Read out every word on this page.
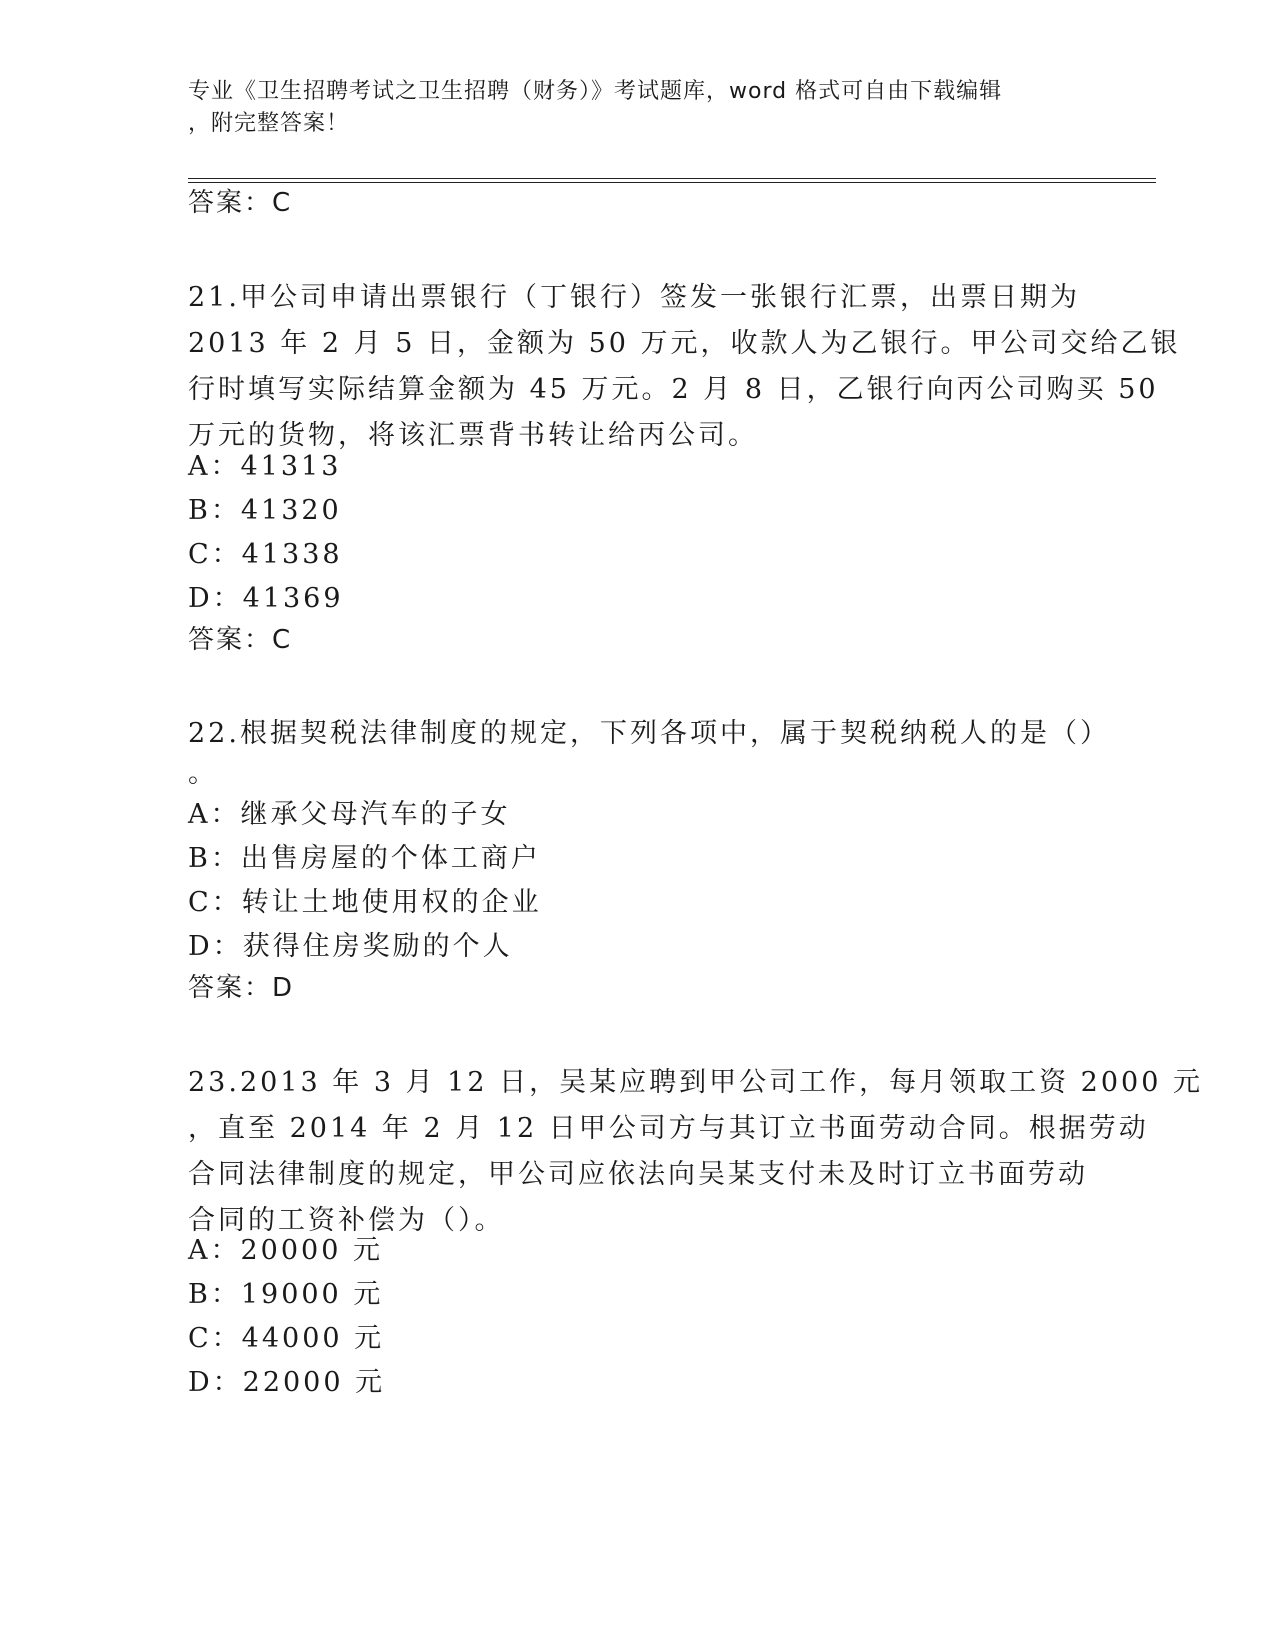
专业《卫生招聘考试之卫生招聘（财务）》考试题库，word 格式可自由下载编辑
，附完整答案！
答案：C
21.甲公司申请出票银行（丁银行）签发一张银行汇票，出票日期为
2013 年 2 月 5 日，金额为 50 万元，收款人为乙银行。甲公司交给乙银
行时填写实际结算金额为 45 万元。2 月 8 日，乙银行向丙公司购买 50
万元的货物，将该汇票背书转让给丙公司。
A：41313
B：41320
C：41338
D：41369
答案：C
22.根据契税法律制度的规定，下列各项中，属于契税纳税人的是（）
。
A：继承父母汽车的子女
B：出售房屋的个体工商户
C：转让土地使用权的企业
D：获得住房奖励的个人
答案：D
23.2013 年 3 月 12 日，吴某应聘到甲公司工作，每月领取工资 2000 元
，直至 2014 年 2 月 12 日甲公司方与其订立书面劳动合同。根据劳动
合同法律制度的规定，甲公司应依法向吴某支付未及时订立书面劳动
合同的工资补偿为（）。
A：20000 元
B：19000 元
C：44000 元
D：22000 元
